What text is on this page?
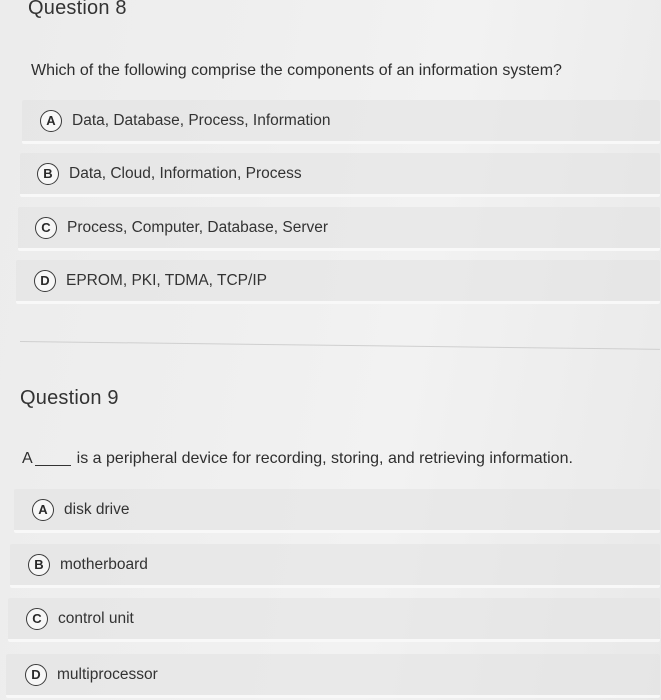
Question 8
Which of the following comprise the components of an information system?
A	Data, Database, Process, Information
B	Data, Cloud, Information, Process
C	Process, Computer, Database, Server
D	EPROM, PKI, TDMA, TCP/IP
Question 9
A	is a peripheral device for recording, storing, and retrieving information.
A	disk drive
B	motherboard
C	control unit
D	multiprocessor
